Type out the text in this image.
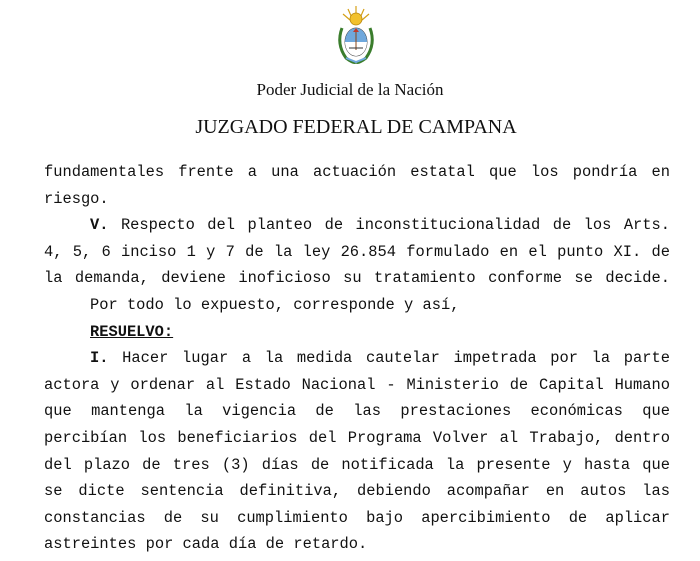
Poder Judicial de la Nación
JUZGADO FEDERAL DE CAMPANA
fundamentales frente a una actuación estatal que los pondría en
riesgo.
V. Respecto del planteo de inconstitucionalidad de los Arts.
4, 5, 6 inciso 1 y 7 de la ley 26.854 formulado en el punto XI. de
la demanda, deviene inoficioso su tratamiento conforme se decide.
Por todo lo expuesto, corresponde y así,
RESUELVO:
I. Hacer lugar a la medida cautelar impetrada por la parte
actora y ordenar al Estado Nacional - Ministerio de Capital Humano
que mantenga la vigencia de las prestaciones económicas que
percibían los beneficiarios del Programa Volver al Trabajo, dentro
del plazo de tres (3) días de notificada la presente y hasta que
se dicte sentencia definitiva, debiendo acompañar en autos las
constancias de su cumplimiento bajo apercibimiento de aplicar
astreintes por cada día de retardo.
